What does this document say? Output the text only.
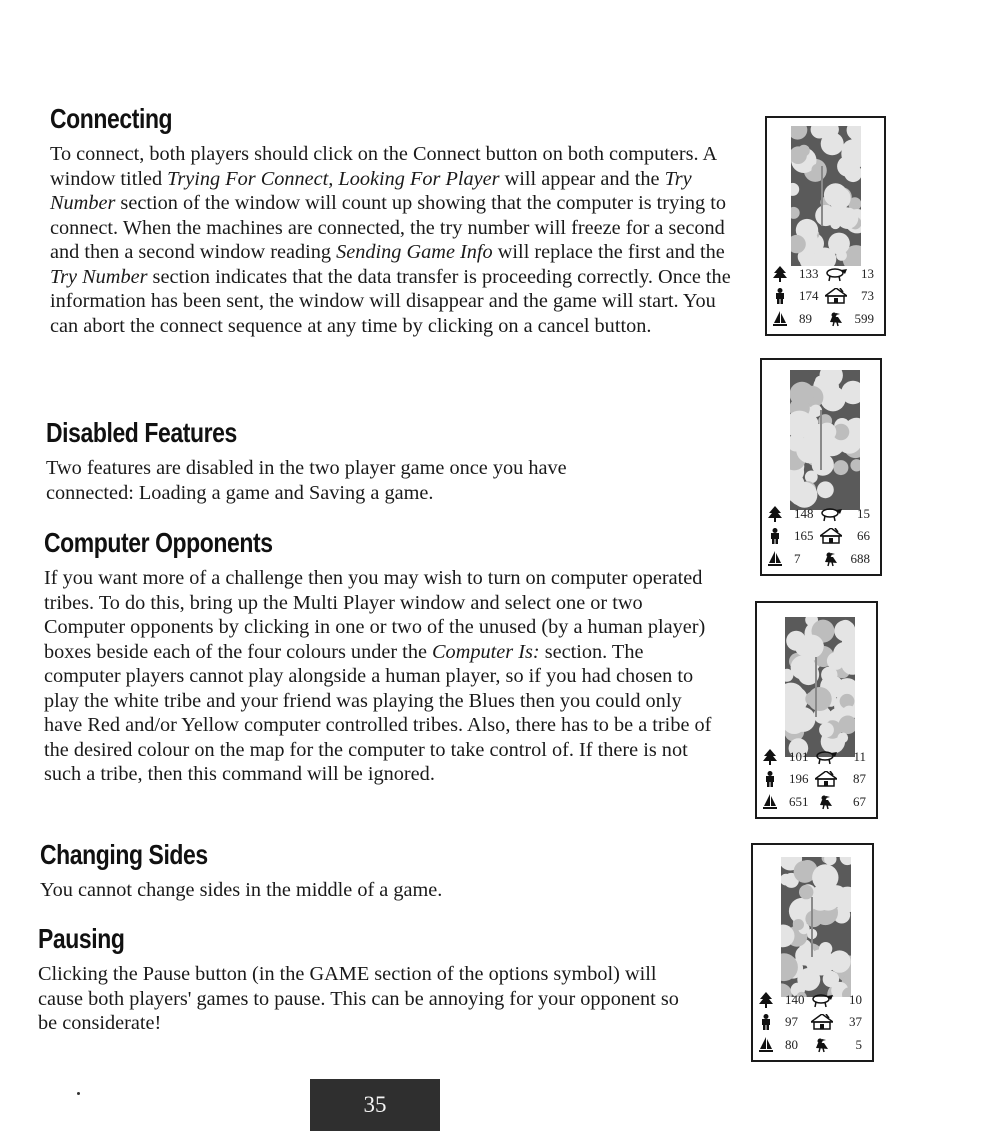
Connecting

To connect, both players should click on the Connect button on both computers. A window titled Trying For Connect, Looking For Player will appear and the Try Number section of the window will count up showing that the computer is trying to connect. When the machines are connected, the try number will freeze for a second and then a second window reading Sending Game Info will replace the first and the Try Number section indicates that the data transfer is proceeding correctly. Once the information has been sent, the window will disappear and the game will start. You can abort the connect sequence at any time by clicking on a cancel button.

Disabled Features

Two features are disabled in the two player game once you have connected: Loading a game and Saving a game.

Computer Opponents

If you want more of a challenge then you may wish to turn on computer operated tribes. To do this, bring up the Multi Player window and select one or two Computer opponents by clicking in one or two of the unused (by a human player) boxes beside each of the four colours under the Computer Is: section. The computer players cannot play alongside a human player, so if you had chosen to play the white tribe and your friend was playing the Blues then you could only have Red and/or Yellow computer controlled tribes. Also, there has to be a tribe of the desired colour on the map for the computer to take control of. If there is not such a tribe, then this command will be ignored.

Changing Sides

You cannot change sides in the middle of a game.

Pausing

Clicking the Pause button (in the GAME section of the options symbol) will cause both players' games to pause. This can be annoying for your opponent so be considerate!

133	13
174	73
89	599
148	15
165	66
7	688
101	11
196	87
651	67
140	10
97	37
80	5
35
